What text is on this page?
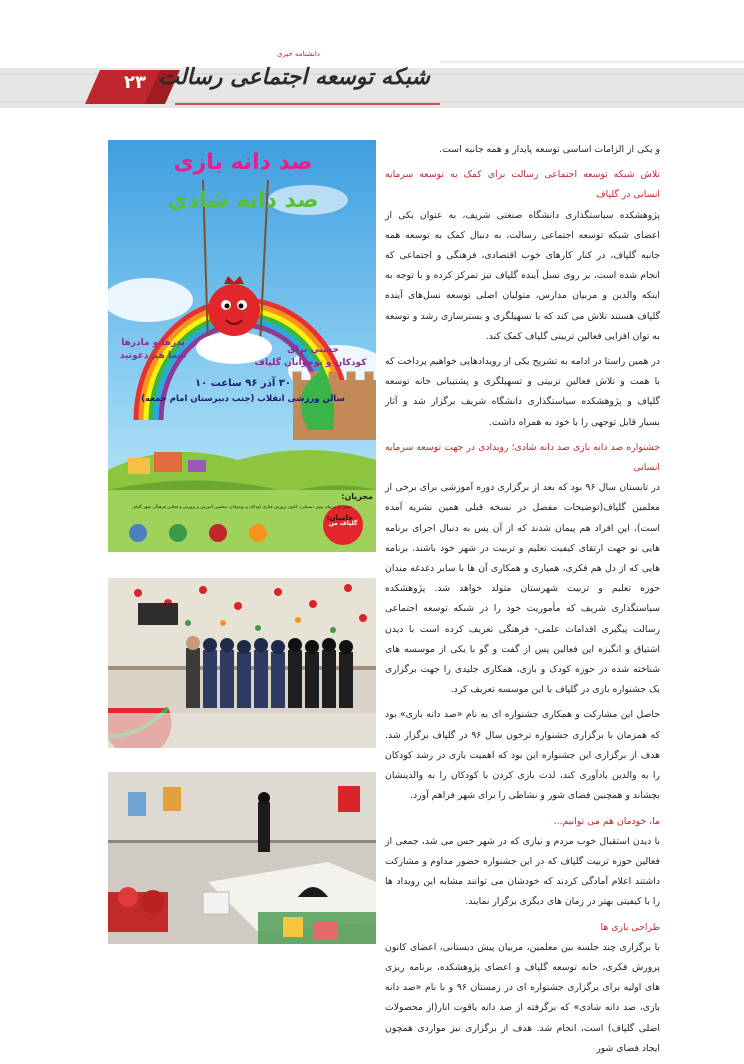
۲۳
دانشنامه خیری
شبکه توسعه اجتماعی رسالت
صد دانه بازی
صد دانه شادی
جشنی برای
کودکان و نوجوانان گلپاف
پدرها و مادرها
شما هم دعوتید
۳۰ آذر ۹۶ ساعت ۱۰
سالن ورزشی انقلاب (جنب دبیرستان امام جمعه)
مجریان:
جمعی از مربیان پیش دبستانی، کانون پرورش فکری کودکان و نوجوانان، معلمین آموزش و پرورش و فعالین فرهنگی شهر گلپاف
حامیان:
گلپاف من

و یکی از الزامات اساسی توسعه پایدار و همه جانبه است.

تلاش شبکه توسعه اجتماعی رسالت برای کمک به توسعه سرمایه انسانی در گلپاف

پژوهشکده سیاستگذاری دانشگاه صنعتی شریف، به عنوان یکی از اعضای شبکه توسعه اجتماعی رسالت، به دنبال کمک به توسعه همه جانبه گلپاف، در کنار کارهای خوب اقتصادی، فرهنگی و اجتماعی که انجام شده است، بر روی نسل آینده گلپاف نیز تمرکز کرده و با توجه به اینکه والدین و مربیان مدارس، متولیان اصلی توسعه نسل‌های آینده گلپاف هستند تلاش می کند که با تسهیلگری و بسترسازی رشد و توسعه به توان افزایی فعالین تربیتی گلپاف کمک کند.

در همین راستا در ادامه به تشریح یکی از رویدادهایی خواهیم پرداخت که با همت و تلاش فعالین تربیتی و تسهیلگری و پشتیبانی خانه توسعه گلپاف و پژوهشکده سیاستگذاری دانشگاه شریف برگزار شد و آثار بسیار قابل توجهی را با خود به همراه داشت.

جشنواره صد دانه بازی صد دانه شادی؛ رویدادی در جهت توسعه سرمایه انسانی

در تابستان سال ۹۶ بود که بعد از برگزاری دوره آموزشی برای برخی از معلمین گلپاف(توضیحات مفصل در نسخه قبلی همین نشریه آمده است)، این افراد هم پیمان شدند که از آن پس به دنبال اجرای برنامه هایی نو جهت ارتقای کیفیت تعلیم و تربیت در شهر خود باشند. برنامه هایی که از دل هم فکری، همیاری و همکاری آن ها با سایر دغدغه مندان حوزه تعلیم و تربیت شهرستان متولد خواهد شد. پژوهشکده سیاستگذاری شریف که مأموریت خود را در شبکه توسعه اجتماعی رسالت پیگیری اقدامات علمی- فرهنگی تعریف کرده است با دیدن اشتیاق و انگیزه این فعالین پس از گفت و گو با یکی از موسسه های شناخته شده در حوزه کودک و بازی، همکاری جلیدی را جهت برگزاری یک جشنواره بازی در گلپاف با این موسسه تعریف کرد.

حاصل این مشارکت و همکاری جشنواره ای به نام «صد دانه بازی» بود که همزمان با برگزاری جشنواره ترخون سال ۹۶ در گلپاف برگزار شد. هدف از برگزاری این جشنواره این بود که اهمیت بازی در رشد کودکان را به والدین یادآوری کند، لذت بازی کردن با کودکان را به والدینشان بچشاند و همچنین فضای شور و نشاطی را برای شهر فراهم آورد.

ما، خودمان هم می توانیم...

با دیدن استقبال خوب مردم و نیازی که در شهر حس می شد، جمعی از فعالین حوزه تربیت گلپاف که در این جشنواره حضور مداوم و مشارکت داشتند اعلام آمادگی کردند که خودشان می توانند مشابه این رویداد ها را با کیفیتی بهتر در زمان های دیگری برگزار نمایند.

طراحی بازی ها

با برگزاری چند جلسه بین معلمین، مربیان پیش دبستانی، اعضای کانون پرورش فکری، خانه توسعه گلپاف و اعضای پژوهشکده، برنامه ریزی های اولیه برای برگزاری جشنواره ای در زمستان ۹۶ و با نام «صد دانه بازی، صد دانه شادی» که برگرفته از صد دانه یاقوت انار(از محصولات اصلی گلپاف) است، انجام شد. هدف از برگزاری نیز مواردی همچون ایجاد فضای شور
